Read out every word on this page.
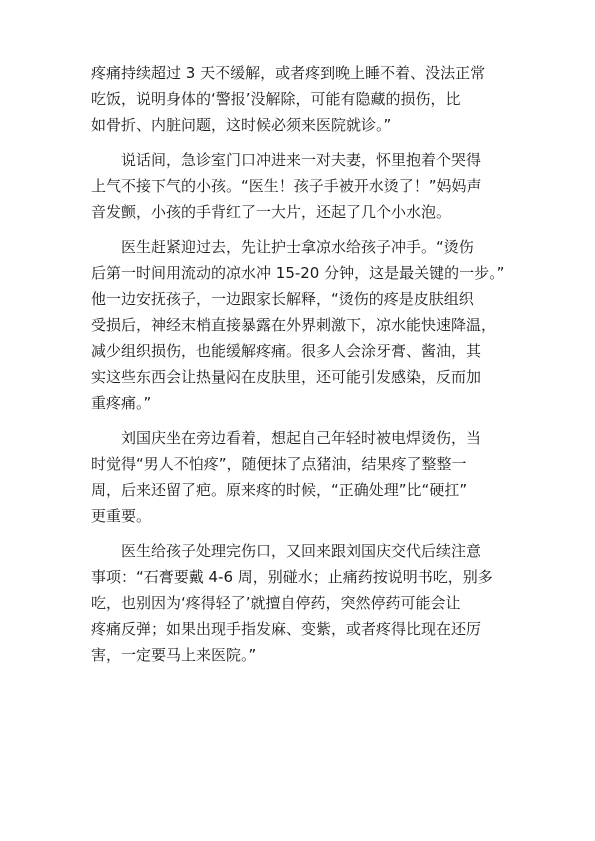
疼痛持续超过 3 天不缓解，或者疼到晚上睡不着、没法正常
吃饭，说明身体的‘警报’没解除，可能有隐藏的损伤，比
如骨折、内脏问题，这时候必须来医院就诊。”

说话间，急诊室门口冲进来一对夫妻，怀里抱着个哭得
上气不接下气的小孩。“医生！孩子手被开水烫了！”妈妈声
音发颤，小孩的手背红了一大片，还起了几个小水泡。

医生赶紧迎过去，先让护士拿凉水给孩子冲手。“烫伤
后第一时间用流动的凉水冲 15-20 分钟，这是最关键的一步。”
他一边安抚孩子，一边跟家长解释，“烫伤的疼是皮肤组织
受损后，神经末梢直接暴露在外界刺激下，凉水能快速降温，
减少组织损伤，也能缓解疼痛。很多人会涂牙膏、酱油，其
实这些东西会让热量闷在皮肤里，还可能引发感染，反而加
重疼痛。”

刘国庆坐在旁边看着，想起自己年轻时被电焊烫伤，当
时觉得“男人不怕疼”，随便抹了点猪油，结果疼了整整一
周，后来还留了疤。原来疼的时候，“正确处理”比“硬扛”
更重要。

医生给孩子处理完伤口，又回来跟刘国庆交代后续注意
事项：“石膏要戴 4-6 周，别碰水；止痛药按说明书吃，别多
吃，也别因为‘疼得轻了’就擅自停药，突然停药可能会让
疼痛反弹；如果出现手指发麻、变紫，或者疼得比现在还厉
害，一定要马上来医院。”
